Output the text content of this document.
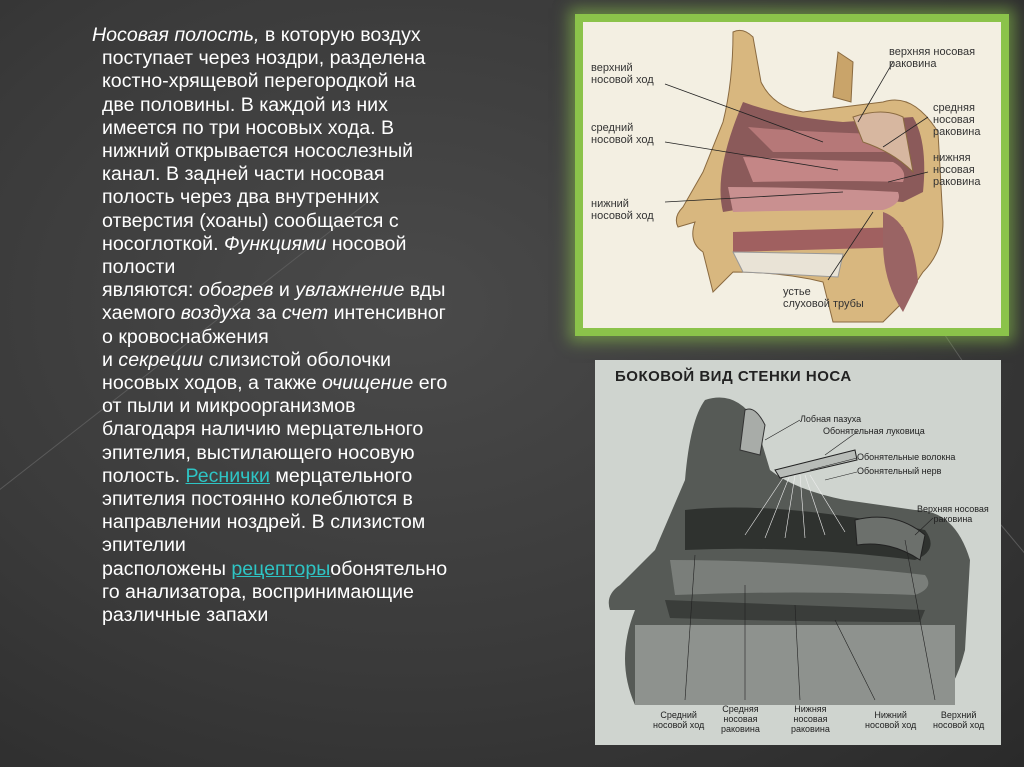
Носовая полость, в которую воздух
поступает через ноздри, разделена
костно-хрящевой перегородкой на
две половины. В каждой из них
имеется по три носовых хода. В
нижний открывается носослезный
канал. В задней части носовая
полость через два внутренних
отверстия (хоаны) сообщается с
носоглоткой. Функциями носовой
полости
являются: обогрев и увлажнение вды
хаемого воздуха за счет интенсивног
о кровоснабжения
и секреции слизистой оболочки
носовых ходов, а также очищение его
от пыли и микроорганизмов
благодаря наличию мерцательного
эпителия, выстилающего носовую
полость. Реснички мерцательного
эпителия постоянно колеблются в
направлении ноздрей. В слизистом
эпителии
расположены рецепторыобонятельно
го анализатора, воспринимающие
различные запахи
верхний
носовой ход
верхняя носовая
раковина
средний
носовой ход
средняя
носовая
раковина
нижняя
носовая
раковина
нижний
носовой ход
устье
слуховой трубы
БОКОВОЙ ВИД СТЕНКИ НОСА
Лобная пазуха
Обонятельная луковица
Обонятельные волокна
Обонятельный нерв
Верхняя носовая
раковина
Средний
носовой ход
Средняя
носовая
раковина
Нижняя
носовая
раковина
Нижний
носовой ход
Верхний
носовой ход
